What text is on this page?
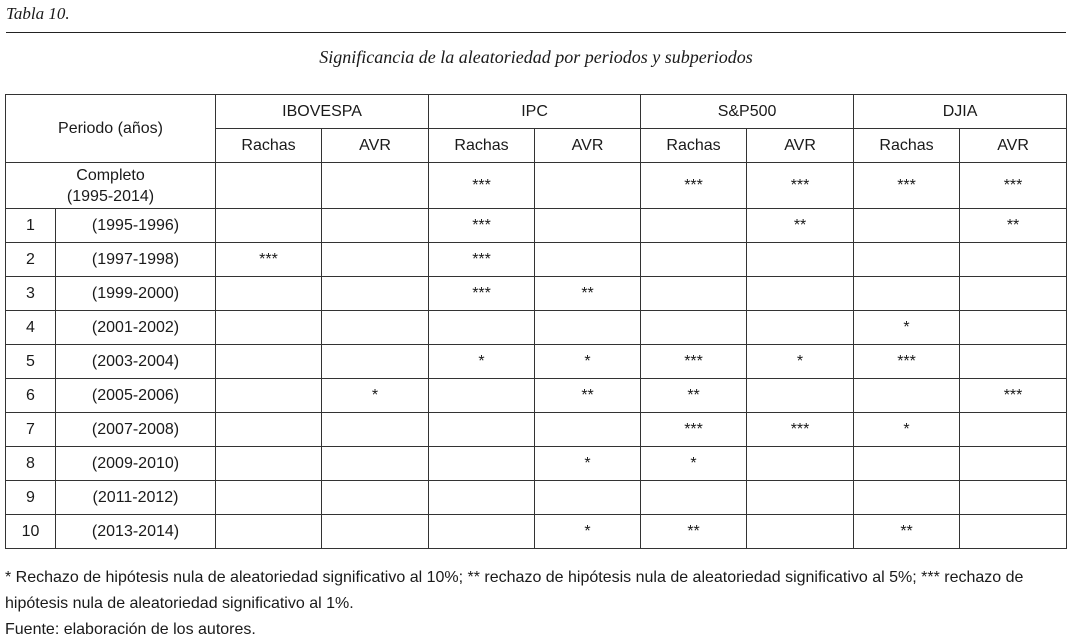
Tabla 10.
Significancia de la aleatoriedad por periodos y subperiodos
Periodo (años)		IBOVESPA		IPC		S&P500		DJIA	
		Rachas	AVR	Rachas	AVR	Rachas	AVR	Rachas	AVR

Completo
(1995-2014)				***		***	***	***	***
1	(1995-1996)			***			**		**
2	(1997-1998)	***		***					
3	(1999-2000)			***	**				
4	(2001-2002)							*	
5	(2003-2004)			*	*	***	*	***	
6	(2005-2006)		*		**	**			***
7	(2007-2008)					***	***	*	
8	(2009-2010)				*	*			
9	(2011-2012)								
10	(2013-2014)				*	**		**	

* Rechazo de hipótesis nula de aleatoriedad significativo al 10%; ** rechazo de hipótesis nula de aleatoriedad significativo al 5%; *** rechazo de hipótesis nula de aleatoriedad significativo al 1%.

Fuente: elaboración de los autores.
